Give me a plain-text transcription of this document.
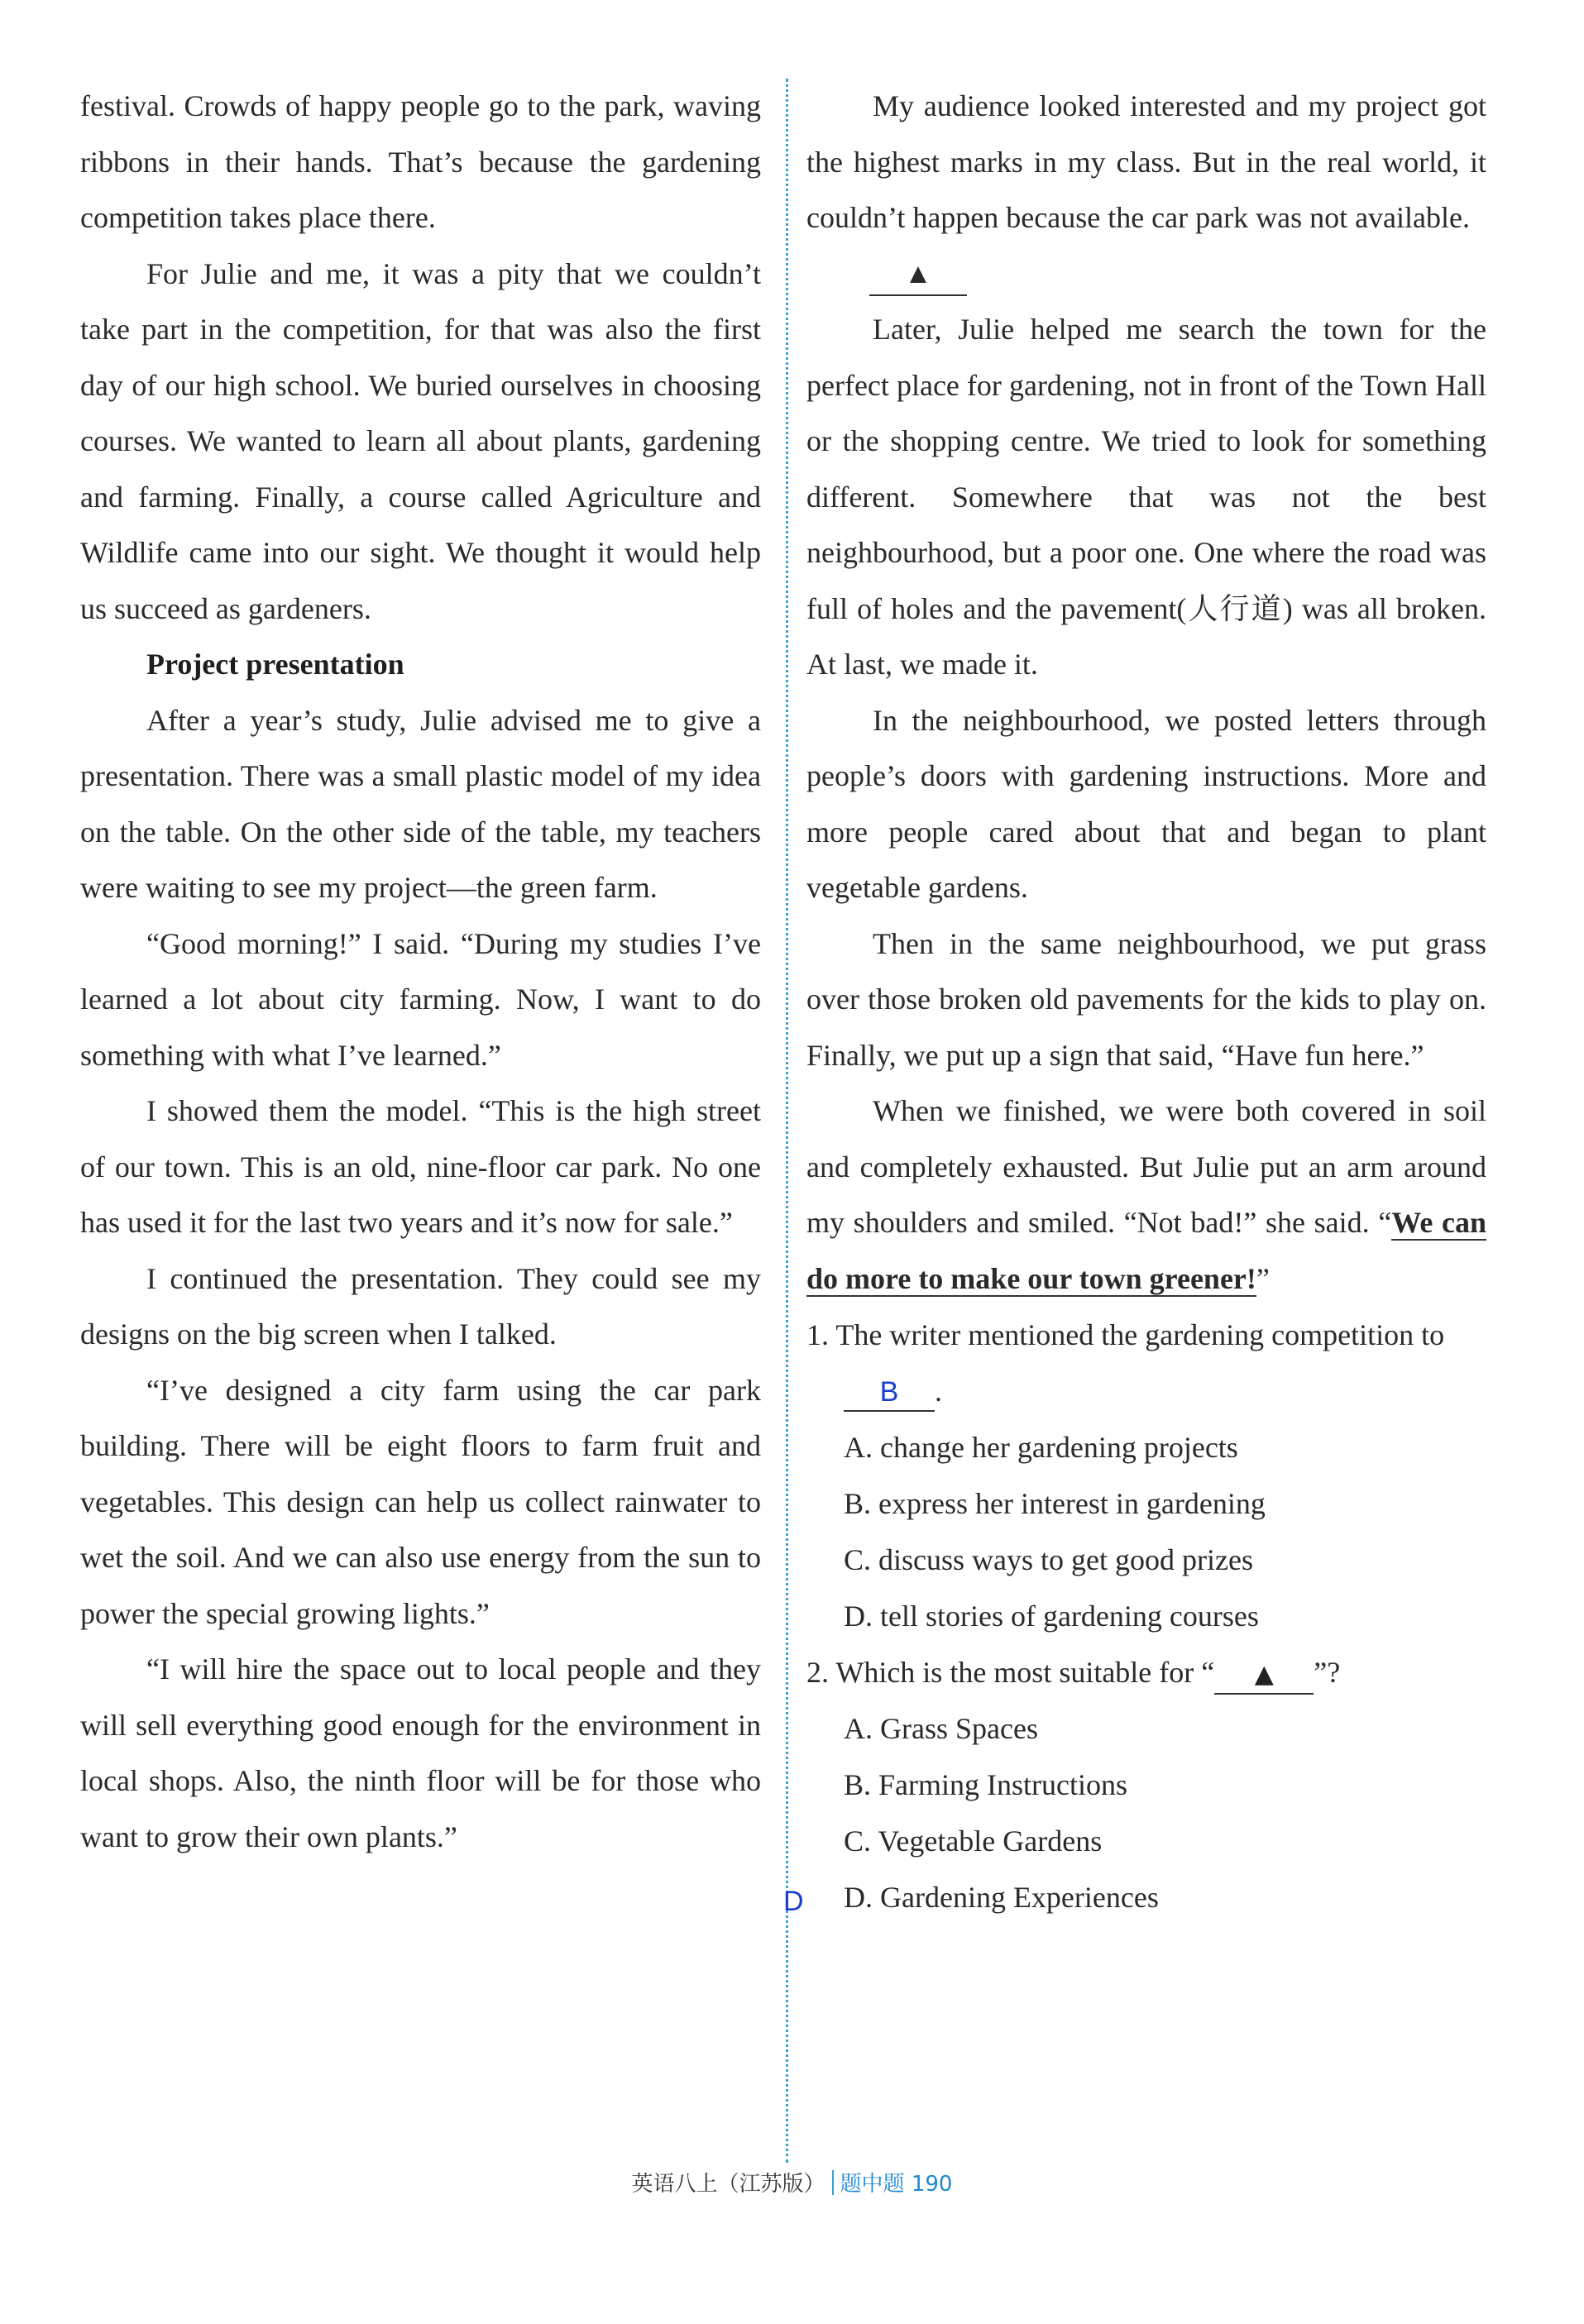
festival. Crowds of happy people go to the park, waving ribbons in their hands. That’s because the gardening competition takes place there.

For Julie and me, it was a pity that we couldn’t take part in the competition, for that was also the first day of our high school. We buried ourselves in choosing courses. We wanted to learn all about plants, gardening and farming. Finally, a course called Agriculture and Wildlife came into our sight. We thought it would help us succeed as gardeners.

Project presentation

After a year’s study, Julie advised me to give a presentation. There was a small plastic model of my idea on the table. On the other side of the table, my teachers were waiting to see my project—the green farm.

“Good morning!” I said. “During my studies I’ve learned a lot about city farming. Now, I want to do something with what I’ve learned.”

I showed them the model. “This is the high street of our town. This is an old, nine-floor car park. No one has used it for the last two years and it’s now for sale.”

I continued the presentation. They could see my designs on the big screen when I talked.

“I’ve designed a city farm using the car park building. There will be eight floors to farm fruit and vegetables. This design can help us collect rainwater to wet the soil. And we can also use energy from the sun to power the special growing lights.”

“I will hire the space out to local people and they will sell everything good enough for the environment in local shops. Also, the ninth floor will be for those who want to grow their own plants.”

My audience looked interested and my project got the highest marks in my class. But in the real world, it couldn’t happen because the car park was not available.

▲

Later, Julie helped me search the town for the perfect place for gardening, not in front of the Town Hall or the shopping centre. We tried to look for something different. Somewhere that was not the best neighbourhood, but a poor one. One where the road was full of holes and the pavement(人行道) was all broken. At last, we made it.

In the neighbourhood, we posted letters through people’s doors with gardening instructions. More and more people cared about that and began to plant vegetable gardens.

Then in the same neighbourhood, we put grass over those broken old pavements for the kids to play on. Finally, we put up a sign that said, “Have fun here.”

When we finished, we were both covered in soil and completely exhausted. But Julie put an arm around my shoulders and smiled. “Not bad!” she said. “We can do more to make our town greener!”

1. The writer mentioned the gardening competition to B .

A. change her gardening projects

B. express her interest in gardening

C. discuss ways to get good prizes

D. tell stories of gardening courses

2. Which is the most suitable for “ ▲ ”?

A. Grass Spaces

B. Farming Instructions

C. Vegetable Gardens

D. Gardening Experiences

D
英语八上（江苏版） 题中题 190
